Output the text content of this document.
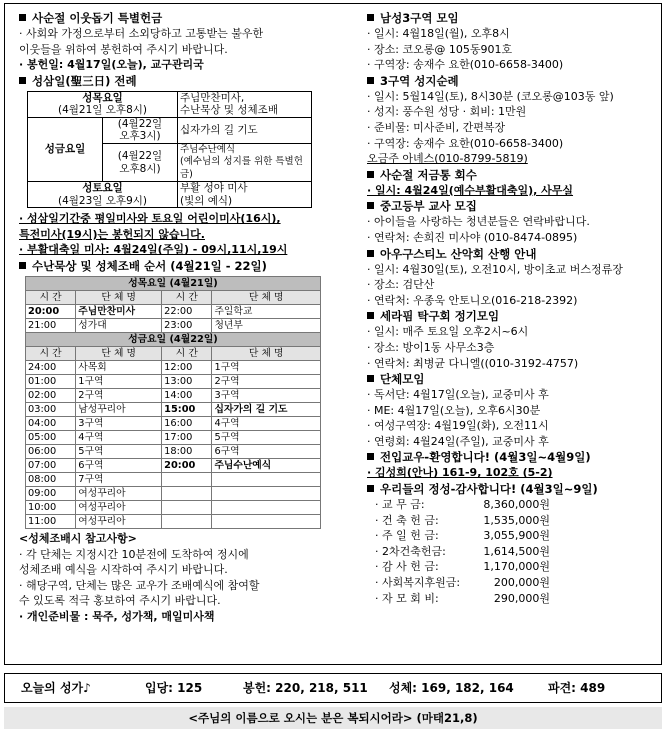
사순절 이웃돕기 특별헌금
· 사회와 가정으로부터 소외당하고 고통받는 불우한
이웃들을 위하여 봉헌하여 주시기 바랍니다.
· 봉헌일: 4월17일(오늘), 교구관리국
성삼일(聖三日) 전례
성목요일
(4월21일 오후8시)		주님만찬미사,
수난묵상 및 성체조배
성금요일	(4월22일
오후3시)	십자가의 길 기도
	(4월22일
오후8시)	주님수난예식
(예수님의 성지를 위한 특별헌금)
성토요일
(4월23일 오후9시)		부활 성야 미사
(빛의 예식)
· 성삼일기간중 평일미사와 토요일 어린이미사(16시),
특전미사(19시)는 봉헌되지 않습니다.
· 부활대축일 미사: 4월24일(주일) - 09시,11시,19시
수난묵상 및 성체조배 순서 (4월21일 - 22일)
성목요일 (4월21일)			
시 간	단 체 명	시 간	단 체 명
20:00	주님만찬미사	22:00	주일학교
21:00	성가대	23:00	청년부
성금요일 (4월22일)			
시 간	단 체 명	시 간	단 체 명
24:00	사목회	12:00	1구역
01:00	1구역	13:00	2구역
02:00	2구역	14:00	3구역
03:00	남성꾸리아	15:00	십자가의 길 기도
04:00	3구역	16:00	4구역
05:00	4구역	17:00	5구역
06:00	5구역	18:00	6구역
07:00	6구역	20:00	주님수난예식
08:00	7구역		
09:00	여성꾸리아		
10:00	여성꾸리아		
11:00	여성꾸리아		
<성체조배시 참고사항>
· 각 단체는 지정시간 10분전에 도착하여 정시에
성체조배 예식을 시작하여 주시기 바랍니다.
· 해당구역, 단체는 많은 교우가 조배예식에 참여할
수 있도록 적극 홍보하여 주시기 바랍니다.
· 개인준비물 : 묵주, 성가책, 매일미사책
남성3구역 모임
· 일시: 4월18일(월), 오후8시
· 장소: 코오롱@ 105동901호
· 구역장: 송재수 요한(010-6658-3400)
3구역 성지순례
· 일시: 5월14일(토), 8시30분 (코오롱@103동 앞)
· 성지: 풍수원 성당 · 회비: 1만원
· 준비물: 미사준비, 간편복장
· 구역장: 송재수 요한(010-6658-3400)
오금주 아녜스(010-8799-5819)
사순절 저금통 회수
· 일시: 4월24일(예수부활대축일), 사무실
중고등부 교사 모집
· 아이들을 사랑하는 청년분들은 연락바랍니다.
· 연락처: 손희진 미사야 (010-8474-0895)
아우구스티노 산악회 산행 안내
· 일시: 4월30일(토), 오전10시, 방이초교 버스정류장
· 장소: 검단산
· 연락처: 우종욱 안토니오(016-218-2392)
세라핌 탁구회 정기모임
· 일시: 매주 토요일 오후2시~6시
· 장소: 방이1동 사무소3층
· 연락처: 최병균 다니엘((010-3192-4757)
단체모임
· 독서단: 4월17일(오늘), 교중미사 후
· ME: 4월17일(오늘), 오후6시30분
· 여성구역장: 4월19일(화), 오전11시
· 연령회: 4월24일(주일), 교중미사 후
전입교우-환영합니다! (4월3일~4월9일)
· 김성희(안나) 161-9, 102호 (5-2)
우리들의 정성-감사합니다! (4월3일~9일)
· 교 무 금:	8,360,000원
· 건 축 헌 금:	1,535,000원
· 주 일 헌 금:	3,055,900원
· 2차건축헌금:	1,614,500원
· 감 사 헌 금:	1,170,000원
· 사회복지후원금:	200,000원
· 자 모 회 비:	290,000원
오늘의 성가♪	입당: 125	봉헌: 220, 218, 511 성체: 169, 182, 164	파견: 489
<주님의 이름으로 오시는 분은 복되시어라> (마태21,8)
